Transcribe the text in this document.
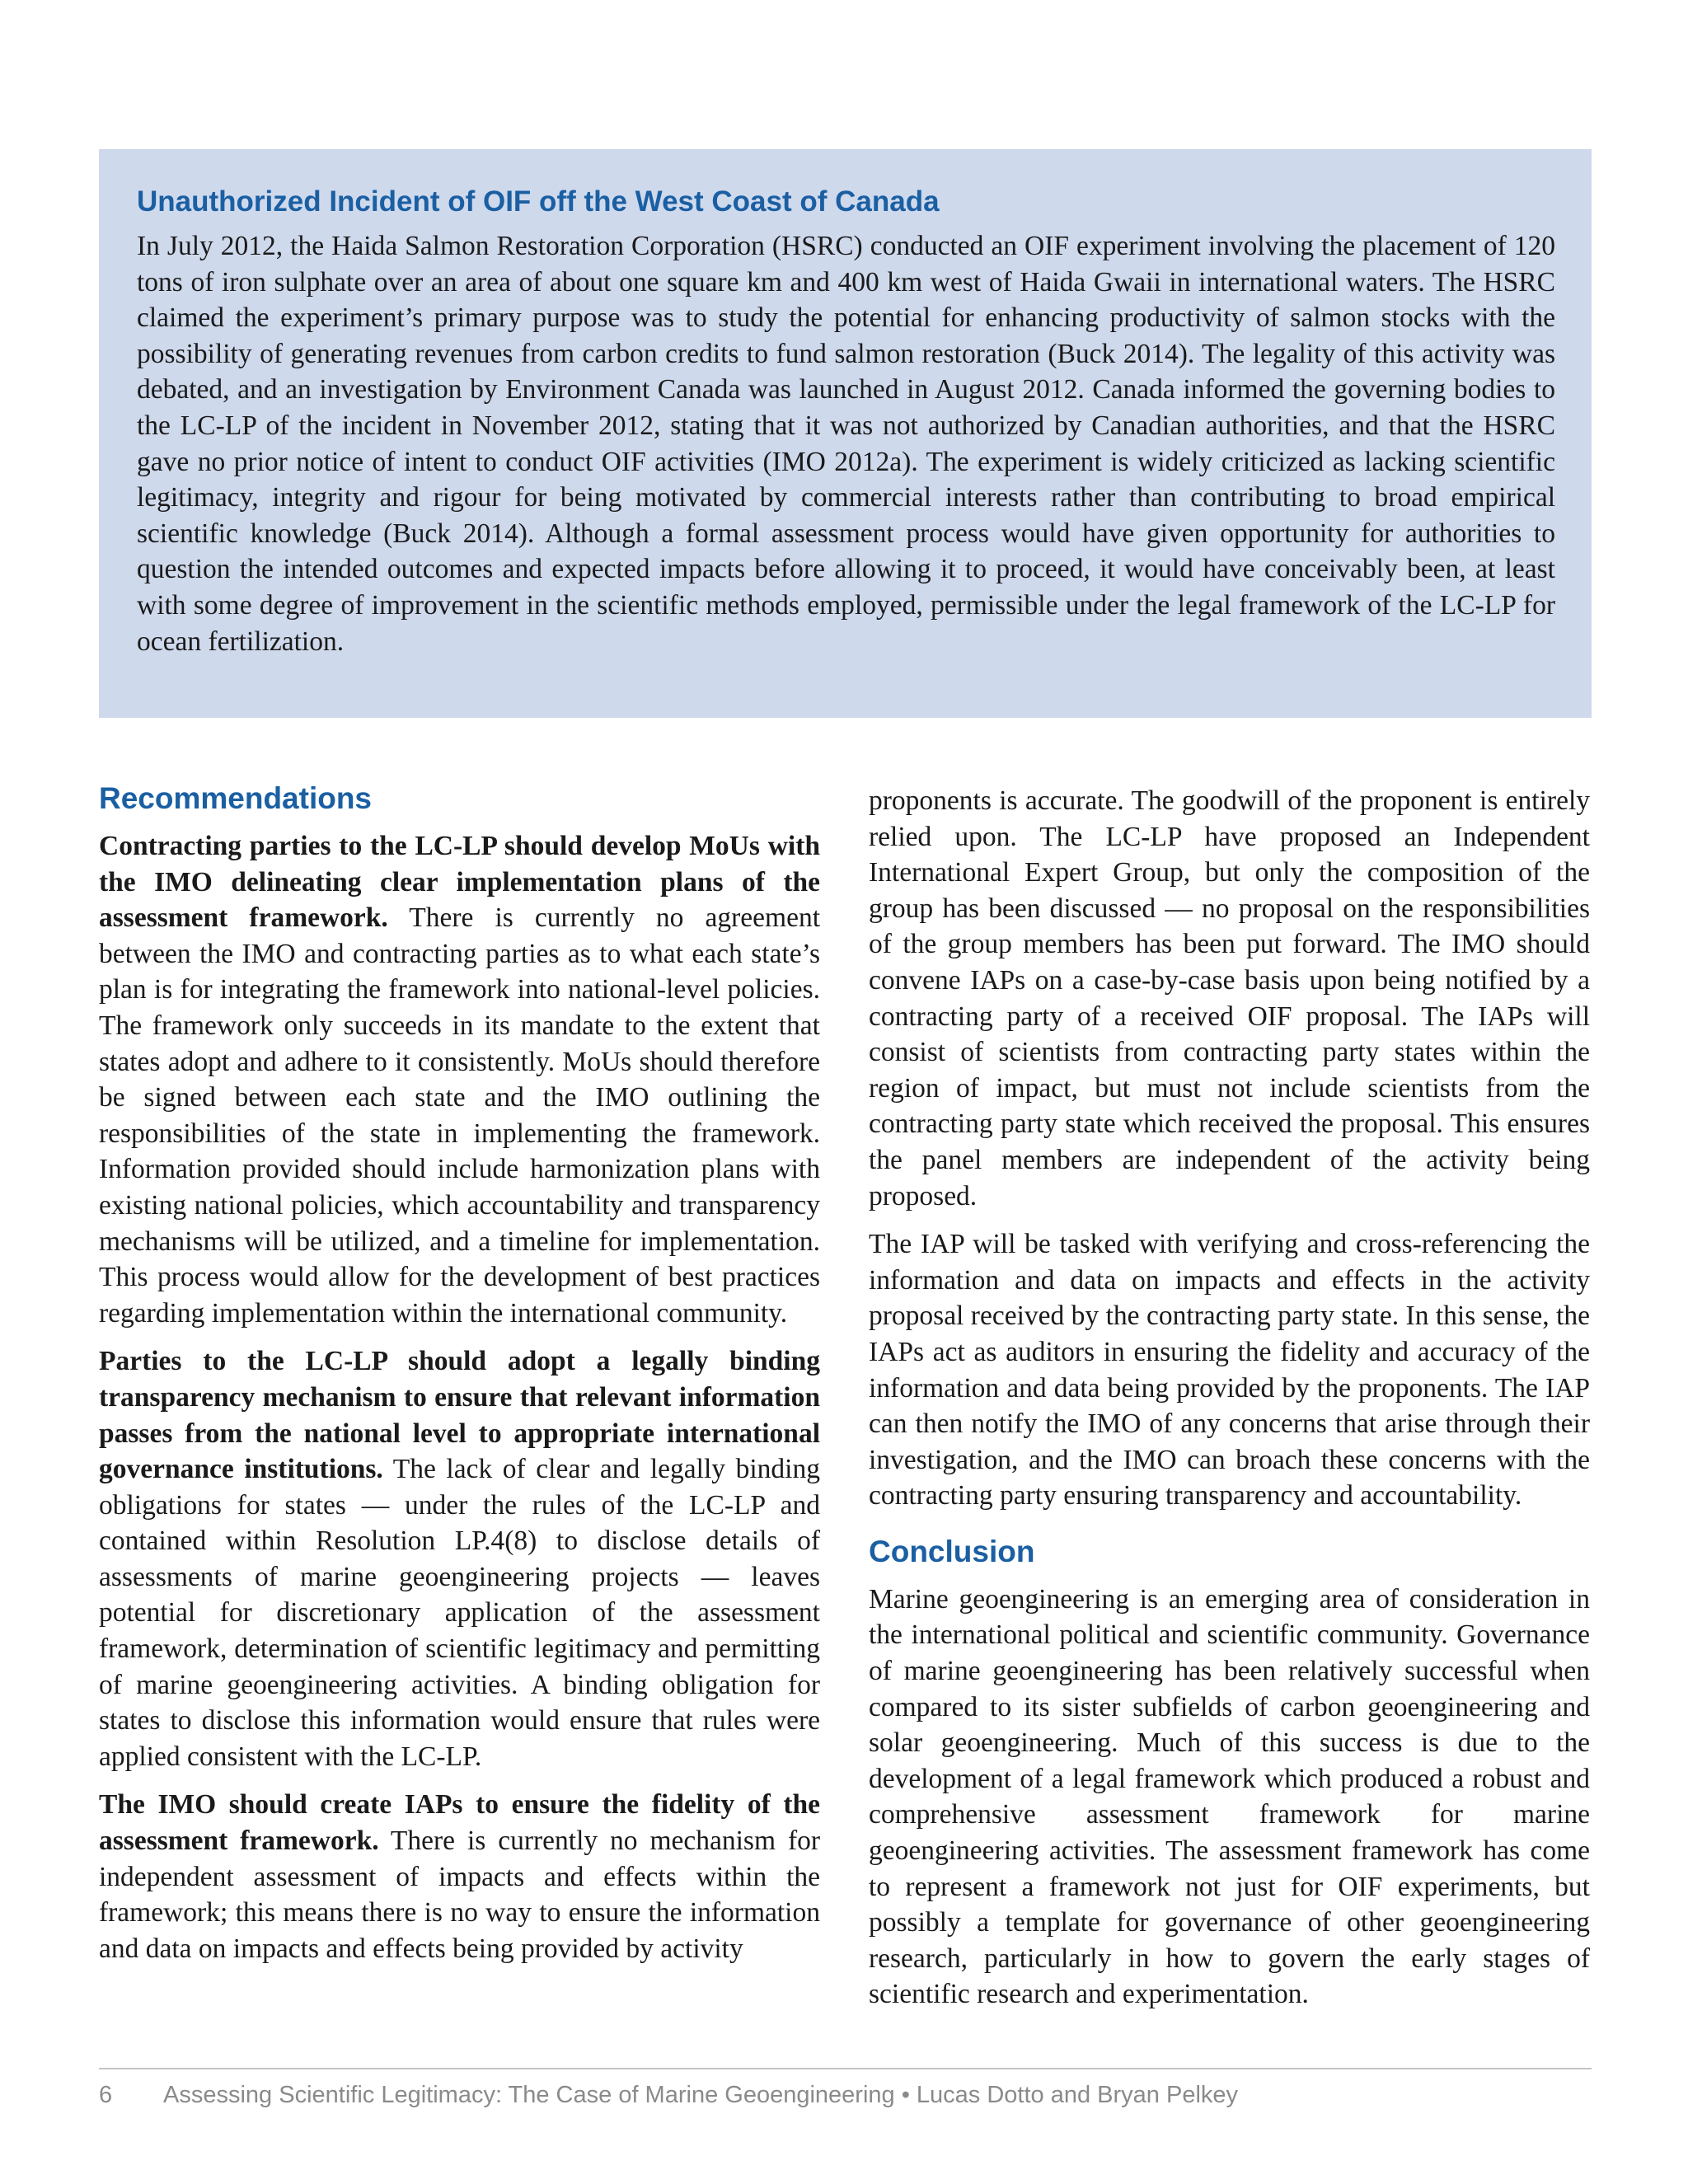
Unauthorized Incident of OIF off the West Coast of Canada

In July 2012, the Haida Salmon Restoration Corporation (HSRC) conducted an OIF experiment involving the placement of 120 tons of iron sulphate over an area of about one square km and 400 km west of Haida Gwaii in international waters. The HSRC claimed the experiment’s primary purpose was to study the potential for enhancing productivity of salmon stocks with the possibility of generating revenues from carbon credits to fund salmon restoration (Buck 2014). The legality of this activity was debated, and an investigation by Environment Canada was launched in August 2012. Canada informed the governing bodies to the LC-LP of the incident in November 2012, stating that it was not authorized by Canadian authorities, and that the HSRC gave no prior notice of intent to conduct OIF activities (IMO 2012a). The experiment is widely criticized as lacking scientific legitimacy, integrity and rigour for being motivated by commercial interests rather than contributing to broad empirical scientific knowledge (Buck 2014). Although a formal assessment process would have given opportunity for authorities to question the intended outcomes and expected impacts before allowing it to proceed, it would have conceivably been, at least with some degree of improvement in the scientific methods employed, permissible under the legal framework of the LC-LP for ocean fertilization.

Recommendations

Contracting parties to the LC-LP should develop MoUs with the IMO delineating clear implementation plans of the assessment framework. There is currently no agreement between the IMO and contracting parties as to what each state’s plan is for integrating the framework into national-level policies. The framework only succeeds in its mandate to the extent that states adopt and adhere to it consistently. MoUs should therefore be signed between each state and the IMO outlining the responsibilities of the state in implementing the framework. Information provided should include harmonization plans with existing national policies, which accountability and transparency mechanisms will be utilized, and a timeline for implementation. This process would allow for the development of best practices regarding implementation within the international community.

Parties to the LC-LP should adopt a legally binding transparency mechanism to ensure that relevant information passes from the national level to appropriate international governance institutions. The lack of clear and legally binding obligations for states — under the rules of the LC-LP and contained within Resolution LP.4(8) to disclose details of assessments of marine geoengineering projects — leaves potential for discretionary application of the assessment framework, determination of scientific legitimacy and permitting of marine geoengineering activities. A binding obligation for states to disclose this information would ensure that rules were applied consistent with the LC-LP.

The IMO should create IAPs to ensure the fidelity of the assessment framework. There is currently no mechanism for independent assessment of impacts and effects within the framework; this means there is no way to ensure the information and data on impacts and effects being provided by activity

proponents is accurate. The goodwill of the proponent is entirely relied upon. The LC-LP have proposed an Independent International Expert Group, but only the composition of the group has been discussed — no proposal on the responsibilities of the group members has been put forward. The IMO should convene IAPs on a case-by-case basis upon being notified by a contracting party of a received OIF proposal. The IAPs will consist of scientists from contracting party states within the region of impact, but must not include scientists from the contracting party state which received the proposal. This ensures the panel members are independent of the activity being proposed.

The IAP will be tasked with verifying and cross-referencing the information and data on impacts and effects in the activity proposal received by the contracting party state. In this sense, the IAPs act as auditors in ensuring the fidelity and accuracy of the information and data being provided by the proponents. The IAP can then notify the IMO of any concerns that arise through their investigation, and the IMO can broach these concerns with the contracting party ensuring transparency and accountability.

Conclusion

Marine geoengineering is an emerging area of consideration in the international political and scientific community. Governance of marine geoengineering has been relatively successful when compared to its sister subfields of carbon geoengineering and solar geoengineering. Much of this success is due to the development of a legal framework which produced a robust and comprehensive assessment framework for marine geoengineering activities. The assessment framework has come to represent a framework not just for OIF experiments, but possibly a template for governance of other geoengineering research, particularly in how to govern the early stages of scientific research and experimentation.

6 Assessing Scientific Legitimacy: The Case of Marine Geoengineering • Lucas Dotto and Bryan Pelkey
